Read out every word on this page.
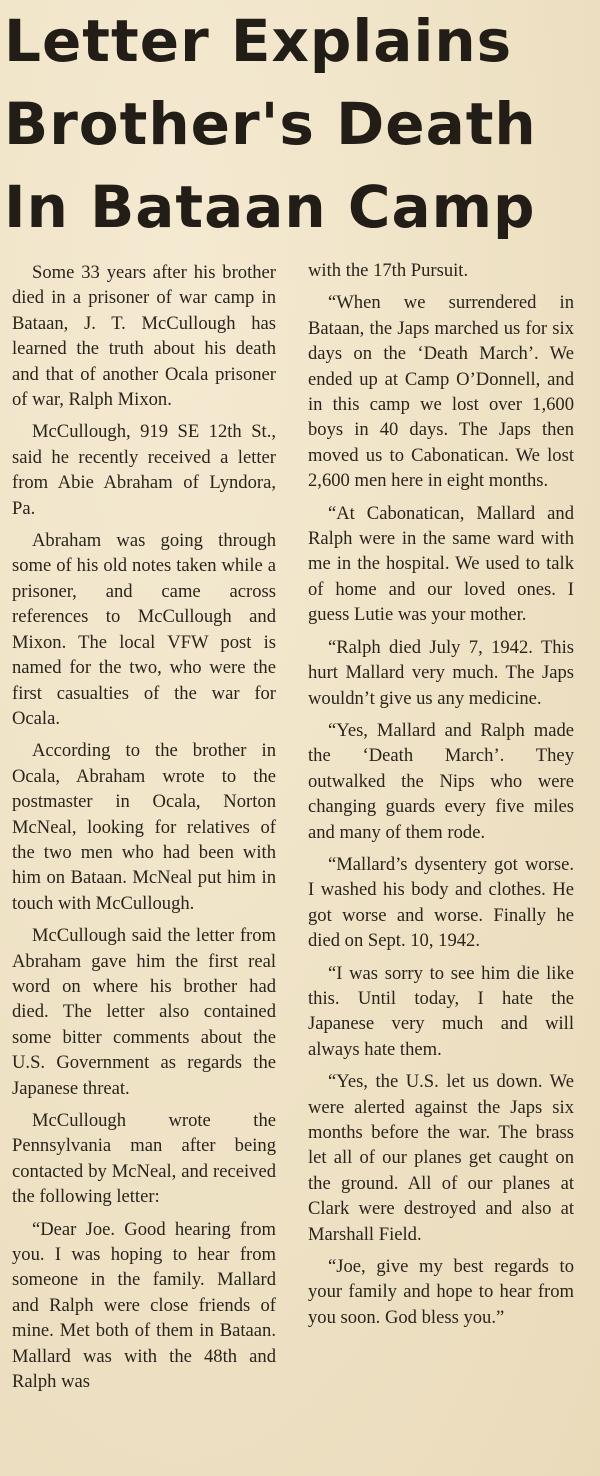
Letter Explains
Brother's Death
In Bataan Camp

Some 33 years after his brother died in a prisoner of war camp in Bataan, J. T. McCullough has learned the truth about his death and that of another Ocala prisoner of war, Ralph Mixon.

McCullough, 919 SE 12th St., said he recently received a letter from Abie Abraham of Lyndora, Pa.

Abraham was going through some of his old notes taken while a prisoner, and came across references to McCullough and Mixon. The local VFW post is named for the two, who were the first casualties of the war for Ocala.

According to the brother in Ocala, Abraham wrote to the postmaster in Ocala, Norton McNeal, looking for relatives of the two men who had been with him on Bataan. McNeal put him in touch with McCullough.

McCullough said the letter from Abraham gave him the first real word on where his brother had died. The letter also contained some bitter comments about the U.S. Government as regards the Japanese threat.

McCullough wrote the Pennsylvania man after being contacted by McNeal, and received the following letter:

“Dear Joe. Good hearing from you. I was hoping to hear from someone in the family. Mallard and Ralph were close friends of mine. Met both of them in Bataan. Mallard was with the 48th and Ralph was

with the 17th Pursuit.

“When we surrendered in Bataan, the Japs marched us for six days on the ‘Death March’. We ended up at Camp O’Donnell, and in this camp we lost over 1,600 boys in 40 days. The Japs then moved us to Cabonatican. We lost 2,600 men here in eight months.

“At Cabonatican, Mallard and Ralph were in the same ward with me in the hospital. We used to talk of home and our loved ones. I guess Lutie was your mother.

“Ralph died July 7, 1942. This hurt Mallard very much. The Japs wouldn’t give us any medicine.

“Yes, Mallard and Ralph made the ‘Death March’. They outwalked the Nips who were changing guards every five miles and many of them rode.

“Mallard’s dysentery got worse. I washed his body and clothes. He got worse and worse. Finally he died on Sept. 10, 1942.

“I was sorry to see him die like this. Until today, I hate the Japanese very much and will always hate them.

“Yes, the U.S. let us down. We were alerted against the Japs six months before the war. The brass let all of our planes get caught on the ground. All of our planes at Clark were destroyed and also at Marshall Field.

“Joe, give my best regards to your family and hope to hear from you soon. God bless you.”
